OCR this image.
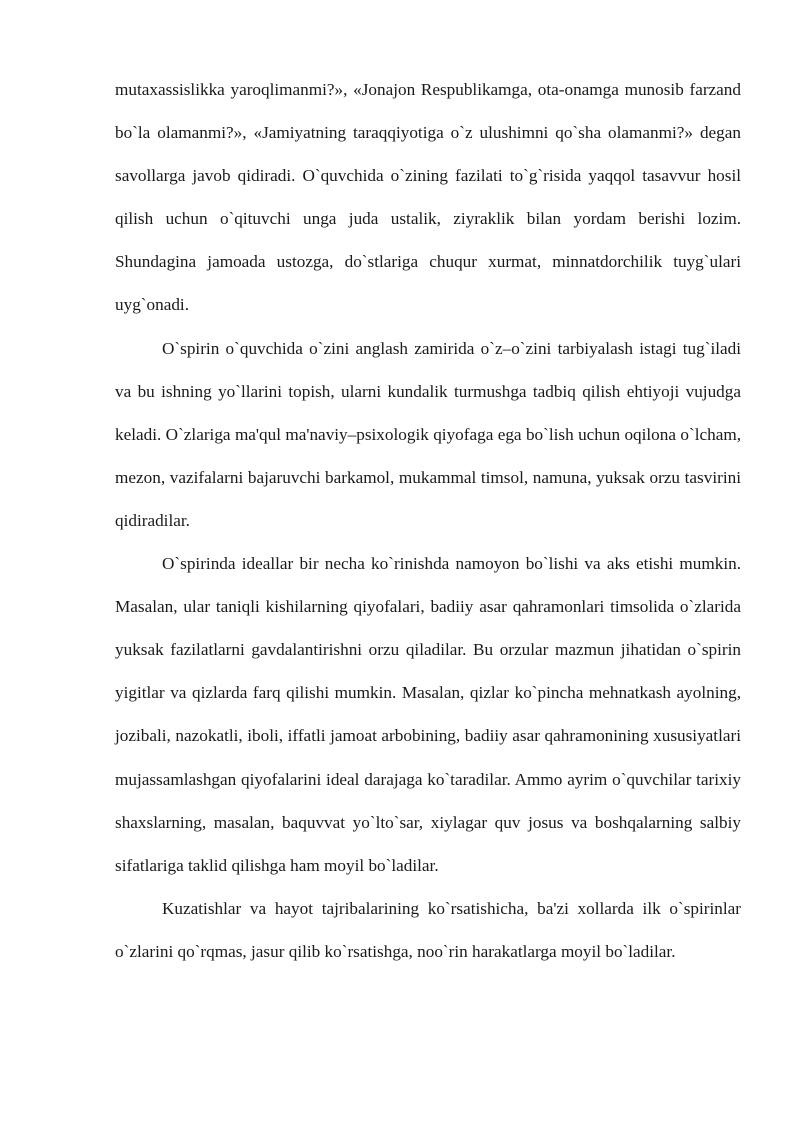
mutaxassislikka yaroqlimanmi?», «Jonajon Respublikamga, ota-onamga munosib farzand bo`la olamanmi?», «Jamiyatning taraqqiyotiga o`z ulushimni qo`sha olamanmi?» degan savollarga javob qidiradi. O`quvchida o`zining fazilati to`g`risida yaqqol tasavvur hosil qilish uchun o`qituvchi unga juda ustalik, ziyraklik bilan yordam berishi lozim. Shundagina jamoada ustozga, do`stlariga chuqur xurmat, minnatdorchilik tuyg`ulari uyg`onadi.

O`spirin o`quvchida o`zini anglash zamirida o`z–o`zini tarbiyalash istagi tug`iladi va bu ishning yo`llarini topish, ularni kundalik turmushga tadbiq qilish ehtiyoji vujudga keladi. O`zlariga ma'qul ma'naviy–psixologik qiyofaga ega bo`lish uchun oqilona o`lcham, mezon, vazifalarni bajaruvchi barkamol, mukammal timsol, namuna, yuksak orzu tasvirini qidiradilar.

O`spirinda ideallar bir necha ko`rinishda namoyon bo`lishi va aks etishi mumkin. Masalan, ular taniqli kishilarning qiyofalari, badiiy asar qahramonlari timsolida o`zlarida yuksak fazilatlarni gavdalantirishni orzu qiladilar. Bu orzular mazmun jihatidan o`spirin yigitlar va qizlarda farq qilishi mumkin. Masalan, qizlar ko`pincha mehnatkash ayolning, jozibali, nazokatli, iboli, iffatli jamoat arbobining, badiiy asar qahramonining xususiyatlari mujassamlashgan qiyofalarini ideal darajaga ko`taradilar. Ammo ayrim o`quvchilar tarixiy shaxslarning, masalan, baquvvat yo`lto`sar, xiylagar quv josus va boshqalarning salbiy sifatlariga taklid qilishga ham moyil bo`ladilar.

Kuzatishlar va hayot tajribalarining ko`rsatishicha, ba'zi xollarda ilk o`spirinlar o`zlarini qo`rqmas, jasur qilib ko`rsatishga, noo`rin harakatlarga moyil bo`ladilar.
